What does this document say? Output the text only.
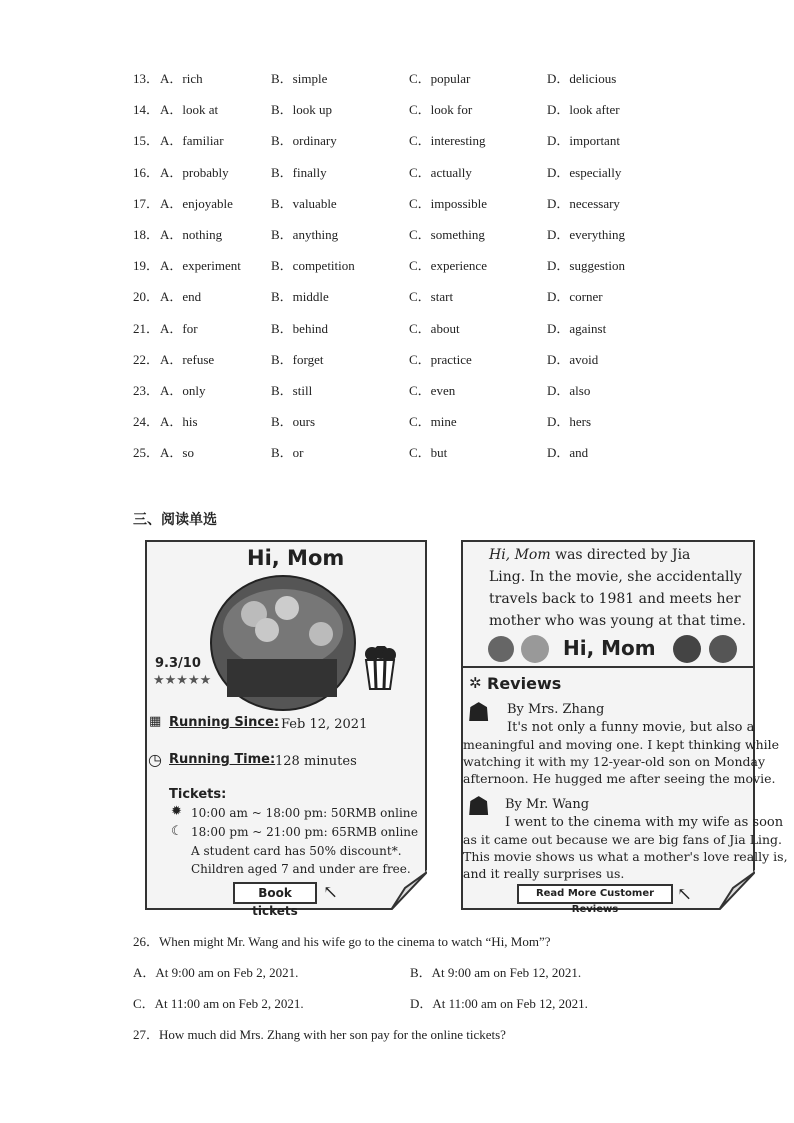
13． A．rich	B．simple	C．popular	D．delicious
14． A．look at	B．look up	C．look for	D．look after
15． A．familiar	B．ordinary	C．interesting	D．important
16． A．probably	B．finally	C．actually	D．especially
17． A．enjoyable	B．valuable	C．impossible	D．necessary
18． A．nothing	B．anything	C．something	D．everything
19． A．experiment B．competition	C．experience	D．suggestion
20． A．end	B．middle	C．start	D．corner
21． A．for	B．behind	C．about	D．against
22． A．refuse	B．forget	C．practice	D．avoid
23． A．only	B．still	C．even	D．also
24． A．his	B．ours	C．mine	D．hers
25． A．so	B．or	C．but	D．and
三、阅读单选
Hi, Mom
9.3/10
★★★★★
▦ Running Since: Feb 12, 2021
◷ Running Time: 128 minutes
Tickets:
✹ 10:00 am ~ 18:00 pm: 50RMB online
☾ 18:00 pm ~ 21:00 pm: 65RMB online
A student card has 50% discount*.
Children aged 7 and under are free.
Book tickets
↖
Hi, Mom was directed by Jia
Ling. In the movie, she accidentally
travels back to 1981 and meets her
mother who was young at that time.
Hi, Mom
✲ Reviews
☗ By Mrs. Zhang
It's not only a funny movie, but also a
meaningful and moving one. I kept thinking while
watching it with my 12-year-old son on Monday
afternoon. He hugged me after seeing the movie.
☗ By Mr. Wang
I went to the cinema with my wife as soon
as it came out because we are big fans of Jia Ling.
This movie shows us what a mother's love really is,
and it really surprises us.
Read More Customer Reviews
↖
26．When might Mr. Wang and his wife go to the cinema to watch “Hi, Mom”?
A．At 9:00 am on Feb 2, 2021.	B．At 9:00 am on Feb 12, 2021.
C．At 11:00 am on Feb 2, 2021.	D．At 11:00 am on Feb 12, 2021.
27．How much did Mrs. Zhang with her son pay for the online tickets?
